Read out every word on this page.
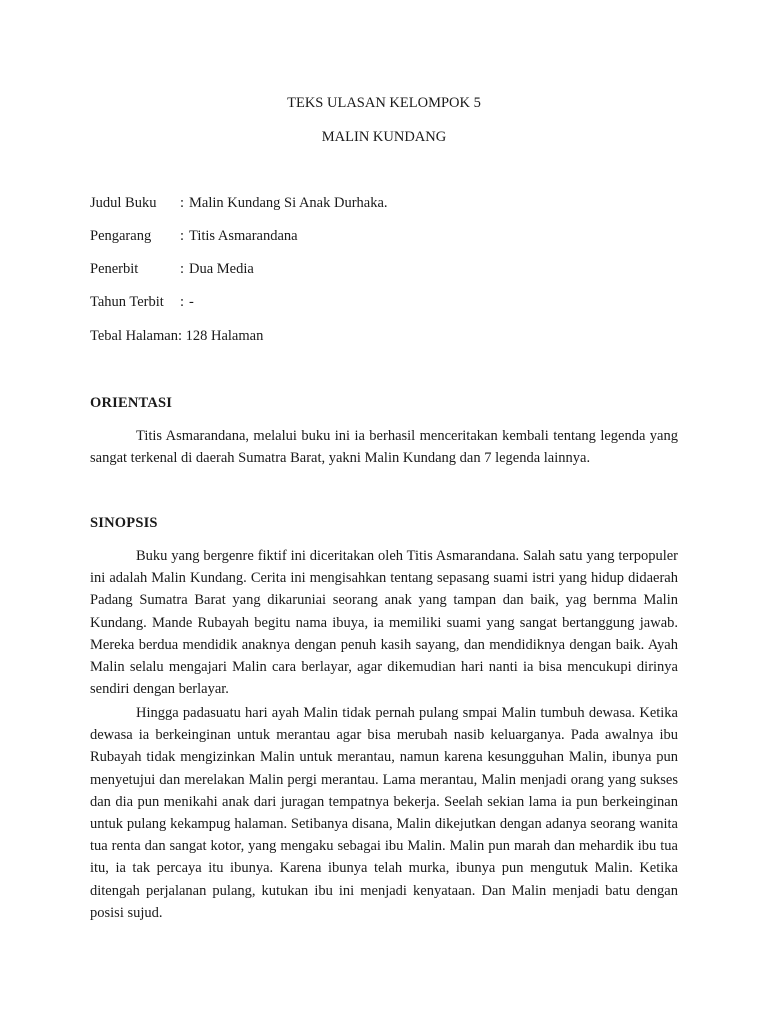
TEKS ULASAN KELOMPOK 5
MALIN KUNDANG
Judul Buku : Malin Kundang Si Anak Durhaka.
Pengarang : Titis Asmarandana
Penerbit	: Dua Media
Tahun Terbit : -
Tebal Halaman: 128 Halaman
ORIENTASI

Titis Asmarandana, melalui buku ini ia berhasil menceritakan kembali tentang legenda yang sangat terkenal di daerah Sumatra Barat, yakni Malin Kundang dan 7 legenda lainnya.

SINOPSIS

Buku yang bergenre fiktif ini diceritakan oleh Titis Asmarandana. Salah satu yang terpopuler ini adalah Malin Kundang. Cerita ini mengisahkan tentang sepasang suami istri yang hidup didaerah Padang Sumatra Barat yang dikaruniai seorang anak yang tampan dan baik, yag bernma Malin Kundang. Mande Rubayah begitu nama ibuya, ia memiliki suami yang sangat bertanggung jawab. Mereka berdua mendidik anaknya dengan penuh kasih sayang, dan mendidiknya dengan baik. Ayah Malin selalu mengajari Malin cara berlayar, agar dikemudian hari nanti ia bisa mencukupi dirinya sendiri dengan berlayar.

Hingga padasuatu hari ayah Malin tidak pernah pulang smpai Malin tumbuh dewasa. Ketika dewasa ia berkeinginan untuk merantau agar bisa merubah nasib keluarganya. Pada awalnya ibu Rubayah tidak mengizinkan Malin untuk merantau, namun karena kesungguhan Malin, ibunya pun menyetujui dan merelakan Malin pergi merantau. Lama merantau, Malin menjadi orang yang sukses dan dia pun menikahi anak dari juragan tempatnya bekerja. Seelah sekian lama ia pun berkeinginan untuk pulang kekampug halaman. Setibanya disana, Malin dikejutkan dengan adanya seorang wanita tua renta dan sangat kotor, yang mengaku sebagai ibu Malin. Malin pun marah dan mehardik ibu tua itu, ia tak percaya itu ibunya. Karena ibunya telah murka, ibunya pun mengutuk Malin. Ketika ditengah perjalanan pulang, kutukan ibu ini menjadi kenyataan. Dan Malin menjadi batu dengan posisi sujud.
